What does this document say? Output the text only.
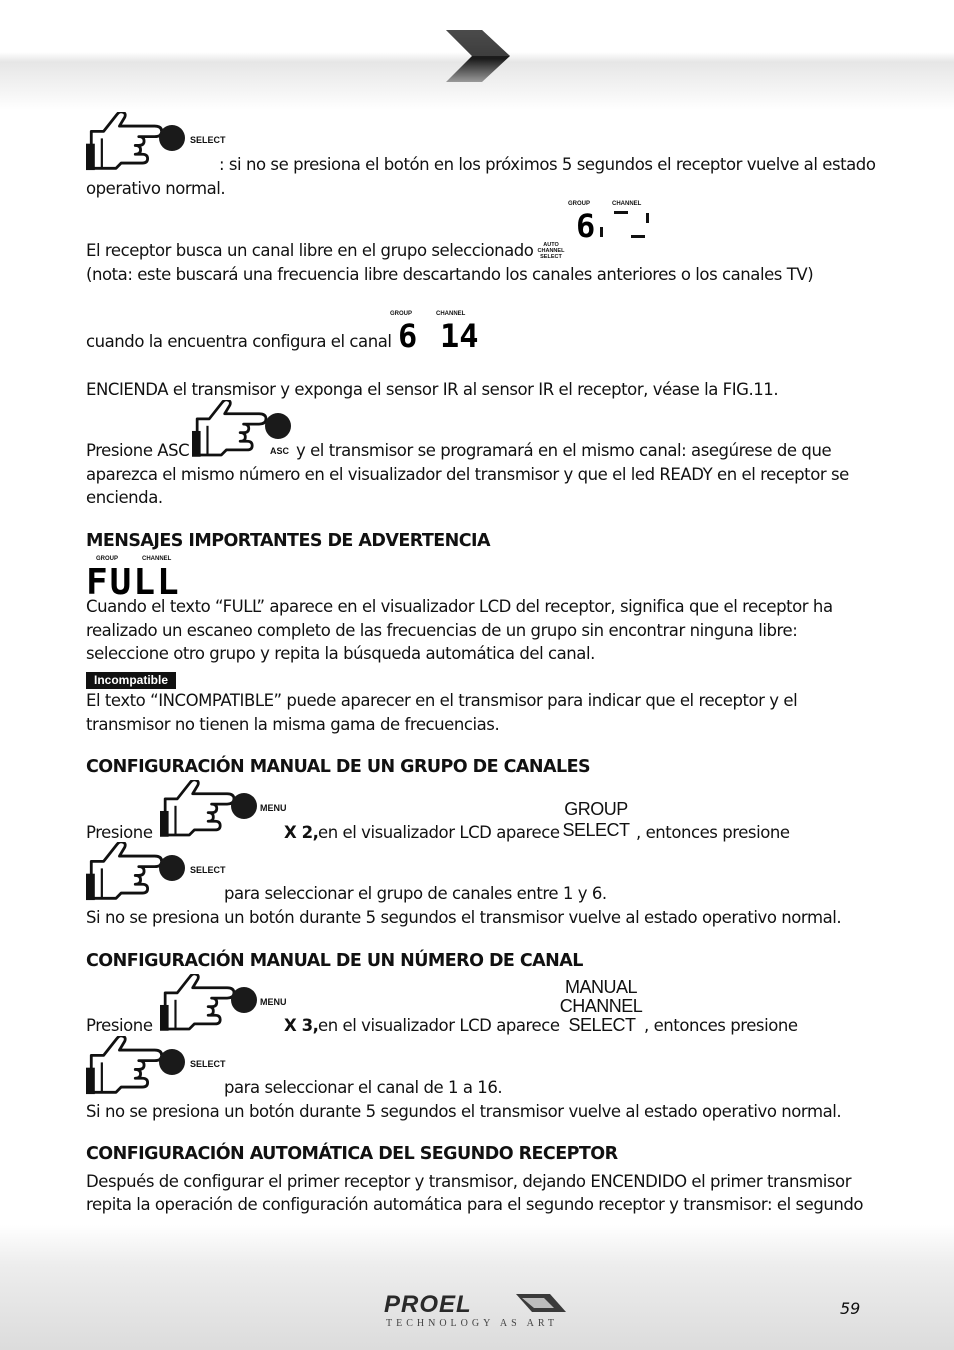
SELECT

: si no se presiona el botón en los próximos 5 segundos el receptor vuelve al estado

operativo normal.

GROUP	CHANNEL
6

El receptor busca un canal libre en el grupo seleccionado AUTO
CHANNEL
SELECT

(nota: este buscará una frecuencia libre descartando los canales anteriores o los canales TV)

GROUP	CHANNEL
6 14

cuando la encuentra configura el canal

ENCIENDA el transmisor y exponga el sensor IR al sensor IR el receptor, véase la FIG.11.

ASC

Presione ASC	y el transmisor se programará en el mismo canal: asegúrese de que

aparezca el mismo número en el visualizador del transmisor y que el led READY en el receptor se

encienda.

MENSAJES IMPORTANTES DE ADVERTENCIA
GROUP	CHANNEL
FULL

Cuando el texto “FULL” aparece en el visualizador LCD del receptor, significa que el receptor ha

realizado un escaneo completo de las frecuencias de un grupo sin encontrar ninguna libre:

seleccione otro grupo y repita la búsqueda automática del canal.

Incompatible

El texto “INCOMPATIBLE” puede aparecer en el transmisor para indicar que el receptor y el

transmisor no tienen la misma gama de frecuencias.

CONFIGURACIÓN MANUAL DE UN GRUPO DE CANALES
MENU

Presione	X 2, en el visualizador LCD aparece

GROUP
SELECT , entonces presione

SELECT

para seleccionar el grupo de canales entre 1 y 6.

Si no se presiona un botón durante 5 segundos el transmisor vuelve al estado operativo normal.

CONFIGURACIÓN MANUAL DE UN NÚMERO DE CANAL
MENU

Presione	X 3, en el visualizador LCD aparece

MANUAL
CHANNEL
SELECT , entonces presione

SELECT

para seleccionar el canal de 1 a 16.

Si no se presiona un botón durante 5 segundos el transmisor vuelve al estado operativo normal.

CONFIGURACIÓN AUTOMÁTICA DEL SEGUNDO RECEPTOR

Después de configurar el primer receptor y transmisor, dejando ENCENDIDO el primer transmisor

repita la operación de configuración automática para el segundo receptor y transmisor: el segundo

PROEL
TECHNOLOGY AS ART
59
